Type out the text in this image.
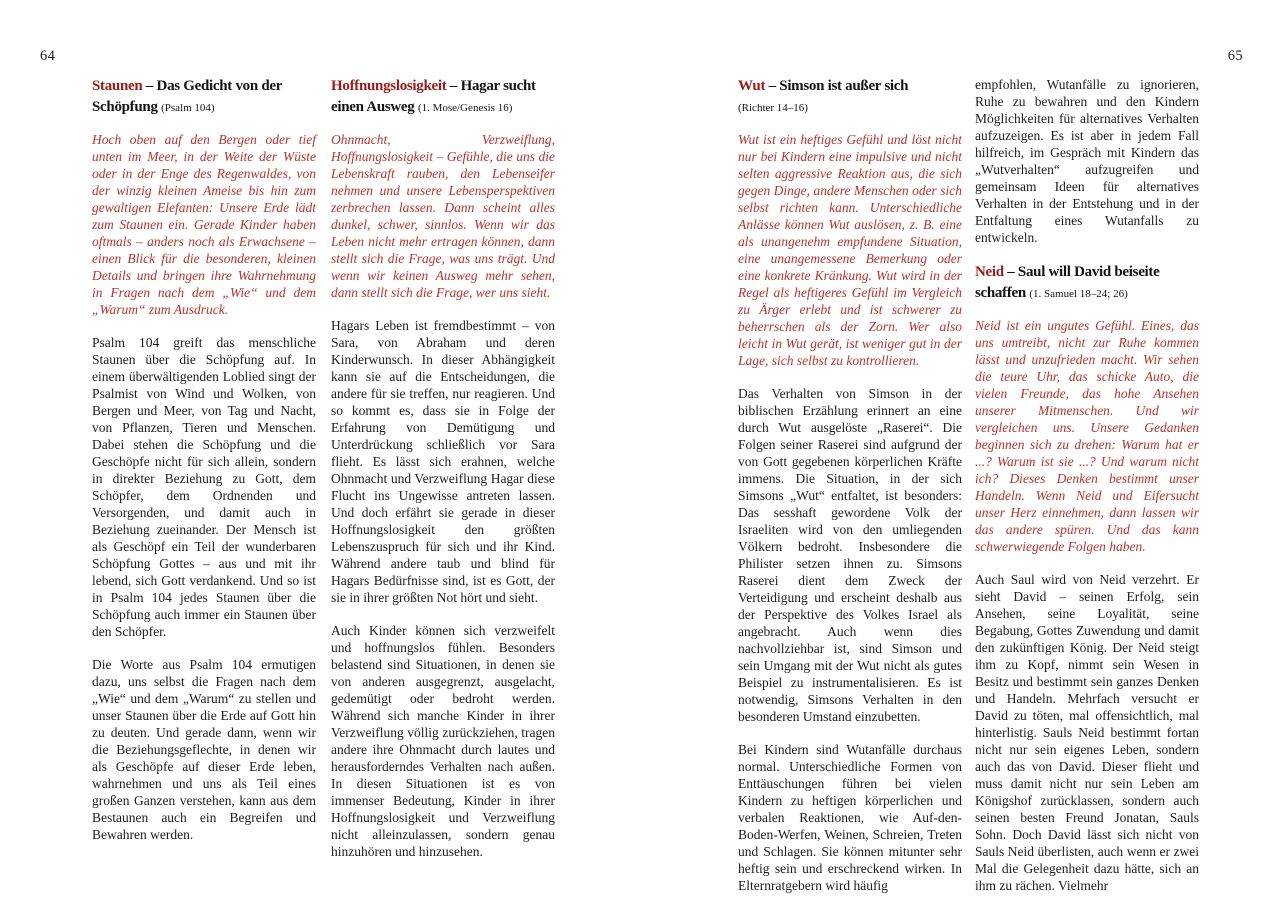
64	65
Staunen – Das Gedicht von der Schöpfung (Psalm 104)

Hoch oben auf den Bergen oder tief unten im Meer, in der Weite der Wüste oder in der Enge des Regenwaldes, von der winzig kleinen Ameise bis hin zum gewaltigen Elefanten: Unsere Erde lädt zum Staunen ein. Gerade Kinder haben oftmals – anders noch als Erwachsene – einen Blick für die besonderen, kleinen Details und bringen ihre Wahrnehmung in Fragen nach dem „Wie“ und dem „Warum“ zum Ausdruck.

Psalm 104 greift das menschliche Staunen über die Schöpfung auf. In einem überwältigenden Loblied singt der Psalmist von Wind und Wolken, von Bergen und Meer, von Tag und Nacht, von Pflanzen, Tieren und Menschen. Dabei stehen die Schöpfung und die Geschöpfe nicht für sich allein, sondern in direkter Beziehung zu Gott, dem Schöpfer, dem Ordnenden und Versorgenden, und damit auch in Beziehung zueinander. Der Mensch ist als Geschöpf ein Teil der wunderbaren Schöpfung Gottes – aus und mit ihr lebend, sich Gott verdankend. Und so ist in Psalm 104 jedes Staunen über die Schöpfung auch immer ein Staunen über den Schöpfer.

Die Worte aus Psalm 104 ermutigen dazu, uns selbst die Fragen nach dem „Wie“ und dem „Warum“ zu stellen und unser Staunen über die Erde auf Gott hin zu deuten. Und gerade dann, wenn wir die Beziehungsgeflechte, in denen wir als Geschöpfe auf dieser Erde leben, wahrnehmen und uns als Teil eines großen Ganzen verstehen, kann aus dem Bestaunen auch ein Begreifen und Bewahren werden.

Hoffnungslosigkeit – Hagar sucht einen Ausweg (1. Mose/Genesis 16)

Ohnmacht, Verzweiflung, Hoffnungslosigkeit – Gefühle, die uns die Lebenskraft rauben, den Lebenseifer nehmen und unsere Lebensperspektiven zerbrechen lassen. Dann scheint alles dunkel, schwer, sinnlos. Wenn wir das Leben nicht mehr ertragen können, dann stellt sich die Frage, was uns trägt. Und wenn wir keinen Ausweg mehr sehen, dann stellt sich die Frage, wer uns sieht.

Hagars Leben ist fremdbestimmt – von Sara, von Abraham und deren Kinderwunsch. In dieser Abhängigkeit kann sie auf die Entscheidungen, die andere für sie treffen, nur reagieren. Und so kommt es, dass sie in Folge der Erfahrung von Demütigung und Unterdrückung schließlich vor Sara flieht. Es lässt sich erahnen, welche Ohnmacht und Verzweiflung Hagar diese Flucht ins Ungewisse antreten lassen. Und doch erfährt sie gerade in dieser Hoffnungslosigkeit den größten Lebenszuspruch für sich und ihr Kind. Während andere taub und blind für Hagars Bedürfnisse sind, ist es Gott, der sie in ihrer größten Not hört und sieht.

Auch Kinder können sich verzweifelt und hoffnungslos fühlen. Besonders belastend sind Situationen, in denen sie von anderen ausgegrenzt, ausgelacht, gedemütigt oder bedroht werden. Während sich manche Kinder in ihrer Verzweiflung völlig zurückziehen, tragen andere ihre Ohnmacht durch lautes und herausforderndes Verhalten nach außen. In diesen Situationen ist es von immenser Bedeutung, Kinder in ihrer Hoffnungslosigkeit und Verzweiflung nicht alleinzulassen, sondern genau hinzuhören und hinzusehen.

Wut – Simson ist außer sich
(Richter 14–16)

Wut ist ein heftiges Gefühl und löst nicht nur bei Kindern eine impulsive und nicht selten aggressive Reaktion aus, die sich gegen Dinge, andere Menschen oder sich selbst richten kann. Unterschiedliche Anlässe können Wut auslösen, z. B. eine als unangenehm empfundene Situation, eine unangemessene Bemerkung oder eine konkrete Kränkung. Wut wird in der Regel als heftigeres Gefühl im Vergleich zu Ärger erlebt und ist schwerer zu beherrschen als der Zorn. Wer also leicht in Wut gerät, ist weniger gut in der Lage, sich selbst zu kontrollieren.

Das Verhalten von Simson in der biblischen Erzählung erinnert an eine durch Wut ausgelöste „Raserei“. Die Folgen seiner Raserei sind aufgrund der von Gott gegebenen körperlichen Kräfte immens. Die Situation, in der sich Simsons „Wut“ entfaltet, ist besonders: Das sesshaft gewordene Volk der Israeliten wird von den umliegenden Völkern bedroht. Insbesondere die Philister setzen ihnen zu. Simsons Raserei dient dem Zweck der Verteidigung und erscheint deshalb aus der Perspektive des Volkes Israel als angebracht. Auch wenn dies nachvollziehbar ist, sind Simson und sein Umgang mit der Wut nicht als gutes Beispiel zu instrumentalisieren. Es ist notwendig, Simsons Verhalten in den besonderen Umstand einzubetten.

Bei Kindern sind Wutanfälle durchaus normal. Unterschiedliche Formen von Enttäuschungen führen bei vielen Kindern zu heftigen körperlichen und verbalen Reaktionen, wie Auf-den-Boden-Werfen, Weinen, Schreien, Treten und Schlagen. Sie können mitunter sehr heftig sein und erschreckend wirken. In Elternratgebern wird häufig

empfohlen, Wutanfälle zu ignorieren, Ruhe zu bewahren und den Kindern Möglichkeiten für alternatives Verhalten aufzuzeigen. Es ist aber in jedem Fall hilfreich, im Gespräch mit Kindern das „Wutverhalten“ aufzugreifen und gemeinsam Ideen für alternatives Verhalten in der Entstehung und in der Entfaltung eines Wutanfalls zu entwickeln.

Neid – Saul will David beiseite schaffen (1. Samuel 18–24; 26)

Neid ist ein ungutes Gefühl. Eines, das uns umtreibt, nicht zur Ruhe kommen lässt und unzufrieden macht. Wir sehen die teure Uhr, das schicke Auto, die vielen Freunde, das hohe Ansehen unserer Mitmenschen. Und wir vergleichen uns. Unsere Gedanken beginnen sich zu drehen: Warum hat er ...? Warum ist sie ...? Und warum nicht ich? Dieses Denken bestimmt unser Handeln. Wenn Neid und Eifersucht unser Herz einnehmen, dann lassen wir das andere spüren. Und das kann schwerwiegende Folgen haben.

Auch Saul wird von Neid verzehrt. Er sieht David – seinen Erfolg, sein Ansehen, seine Loyalität, seine Begabung, Gottes Zuwendung und damit den zukünftigen König. Der Neid steigt ihm zu Kopf, nimmt sein Wesen in Besitz und bestimmt sein ganzes Denken und Handeln. Mehrfach versucht er David zu töten, mal offensichtlich, mal hinterlistig. Sauls Neid bestimmt fortan nicht nur sein eigenes Leben, sondern auch das von David. Dieser flieht und muss damit nicht nur sein Leben am Königshof zurücklassen, sondern auch seinen besten Freund Jonatan, Sauls Sohn. Doch David lässt sich nicht von Sauls Neid überlisten, auch wenn er zwei Mal die Gelegenheit dazu hätte, sich an ihm zu rächen. Vielmehr
